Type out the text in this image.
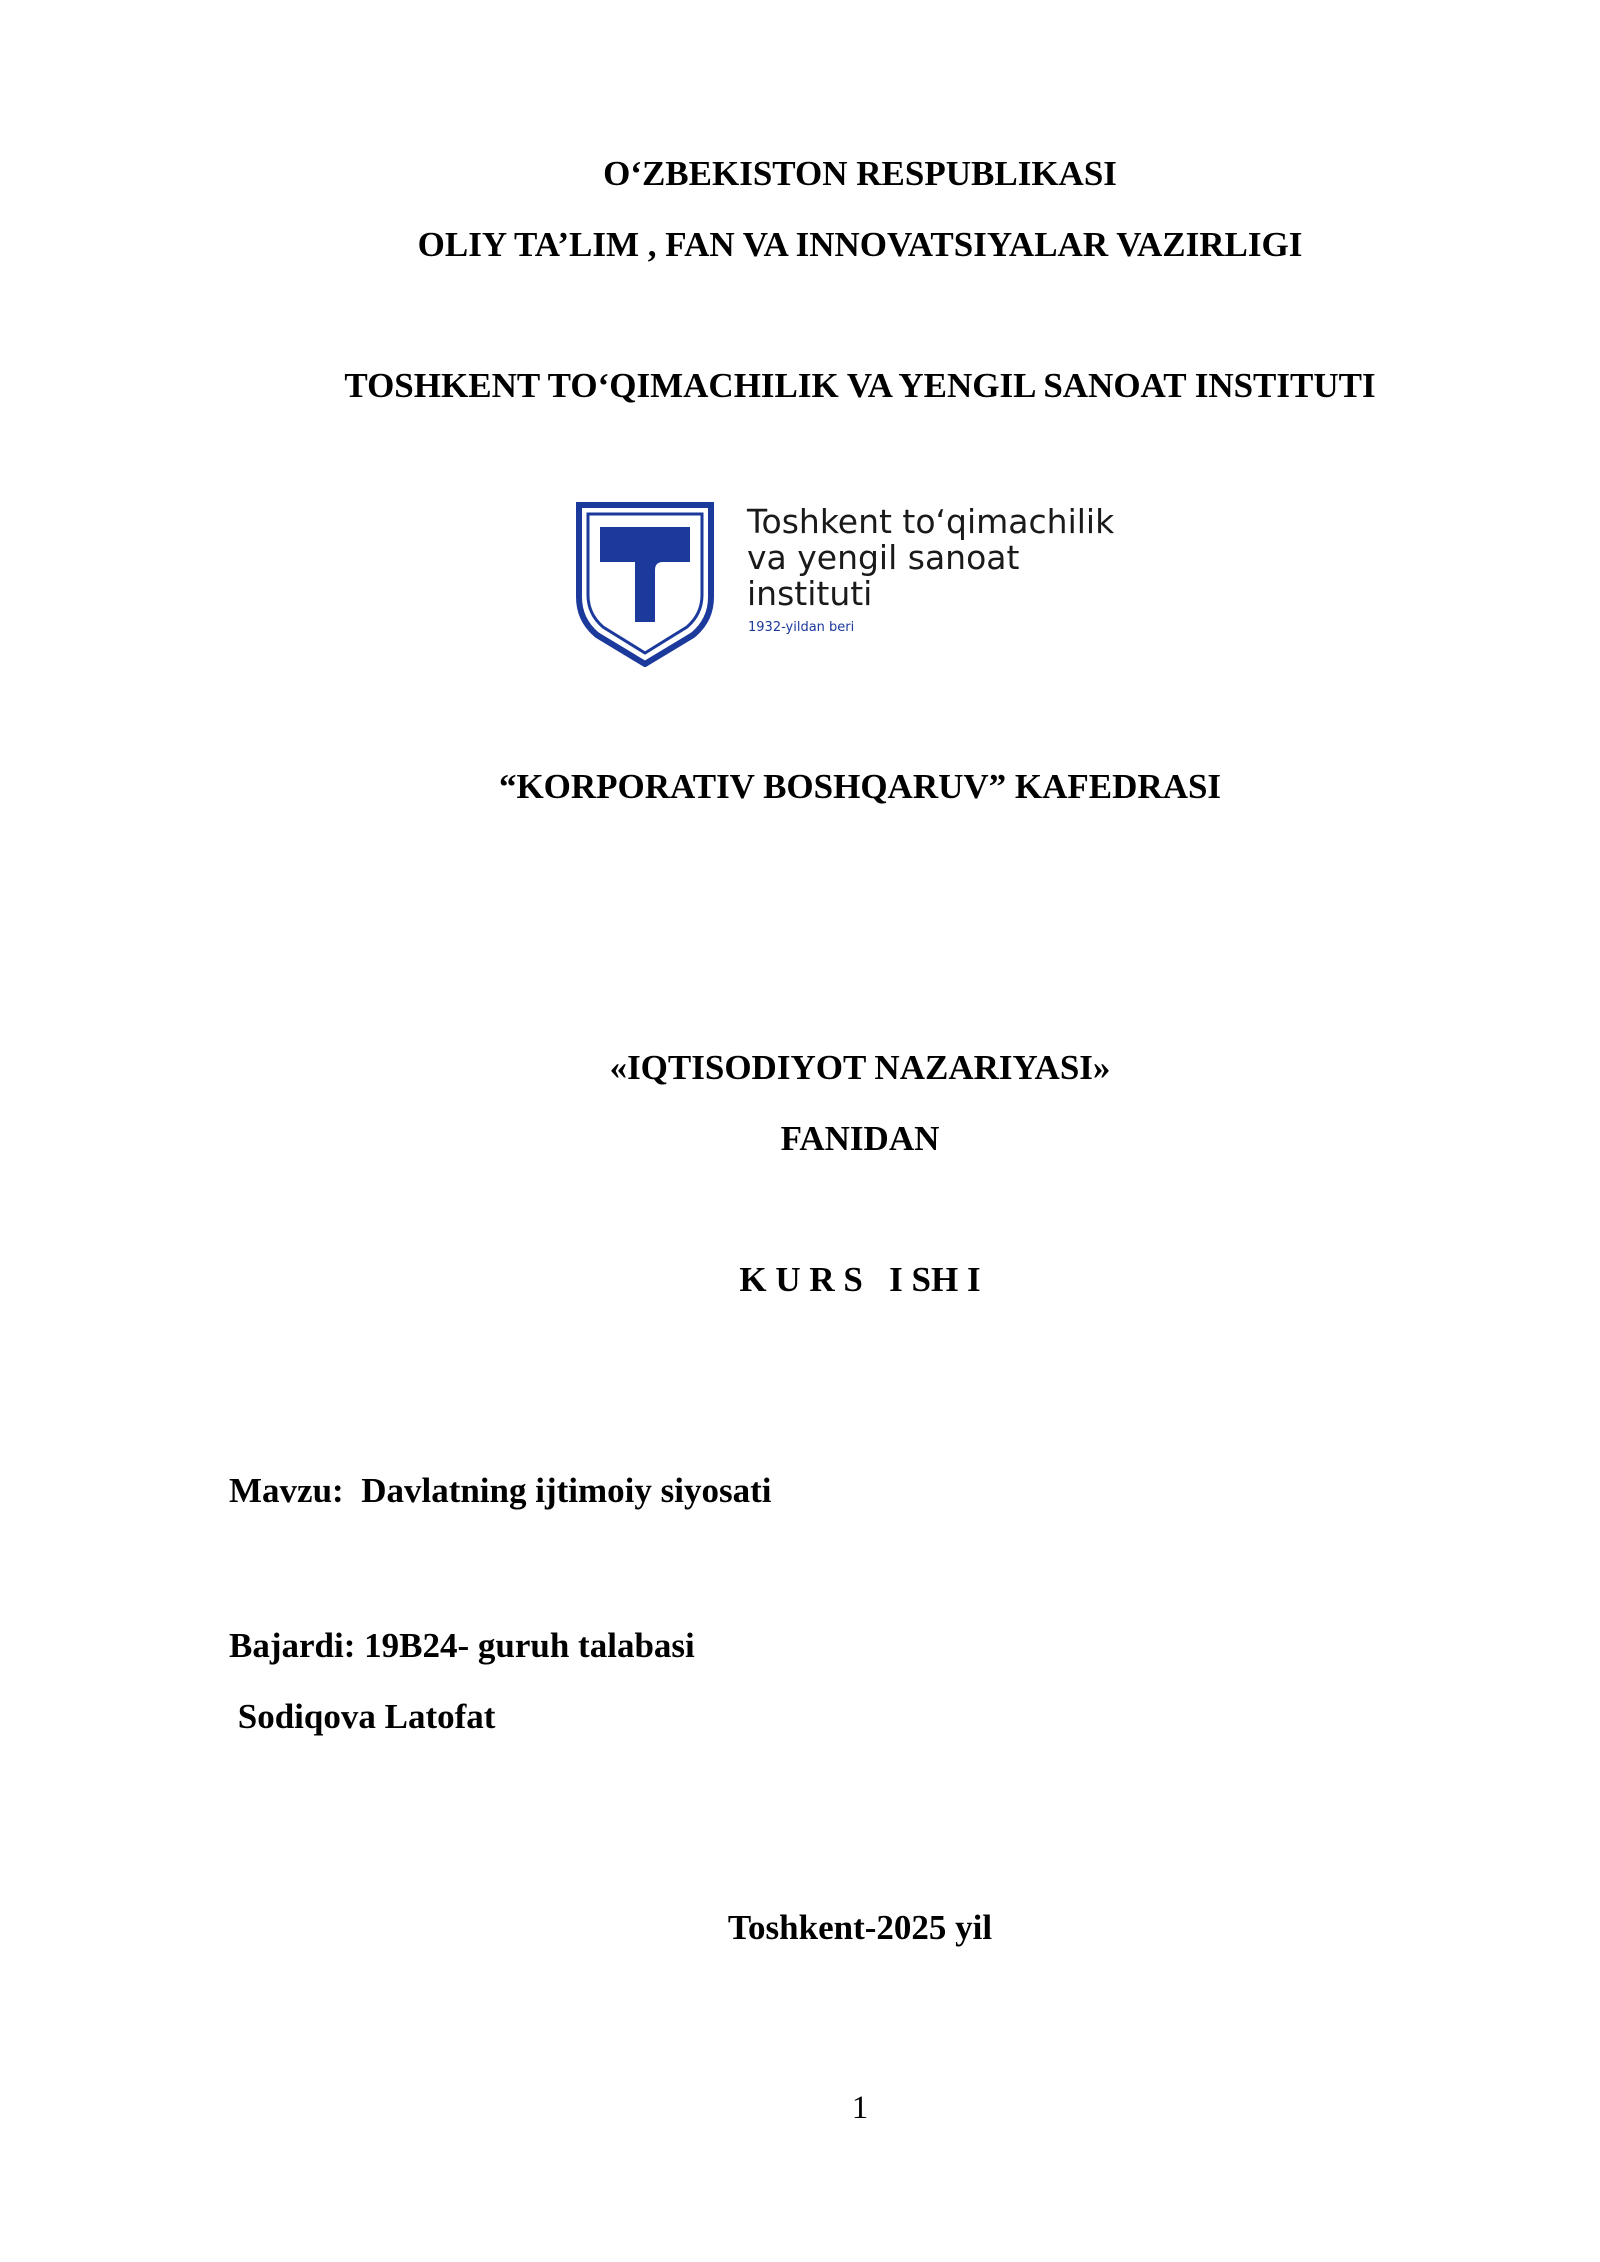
O‘ZBEKISTON RESPUBLIKASI
OLIY TA’LIM , FAN VA INNOVATSIYALAR VAZIRLIGI
TOSHKENT TO‘QIMACHILIK VA YENGIL SANOAT INSTITUTI
Toshkent to‘qimachilik
va yengil sanoat
instituti
1932-yildan beri
“KORPORATIV BOSHQARUV” KAFEDRASI
«IQTISODIYOT NAZARIYASI»
FANIDAN
K U R S   I SH I
Mavzu:  Davlatning ijtimoiy siyosati
Bajardi: 19B24- guruh talabasi
Sodiqova Latofat
Toshkent-2025 yil
1
